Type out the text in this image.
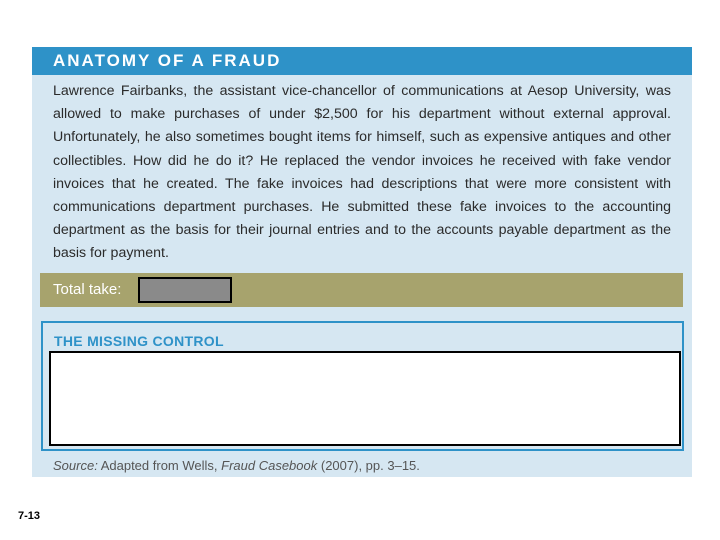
ANATOMY OF A FRAUD

Lawrence Fairbanks, the assistant vice-chancellor of communications at Aesop University, was allowed to make purchases of under $2,500 for his department without external approval. Unfortunately, he also sometimes bought items for himself, such as expensive antiques and other collectibles. How did he do it? He replaced the vendor invoices he received with fake vendor invoices that he created. The fake invoices had descriptions that were more consistent with communications department purchases. He submitted these fake invoices to the accounting department as the basis for their journal entries and to the accounts payable department as the basis for payment.

Total take:
THE MISSING CONTROL
Source: Adapted from Wells, Fraud Casebook (2007), pp. 3–15.
7-13
